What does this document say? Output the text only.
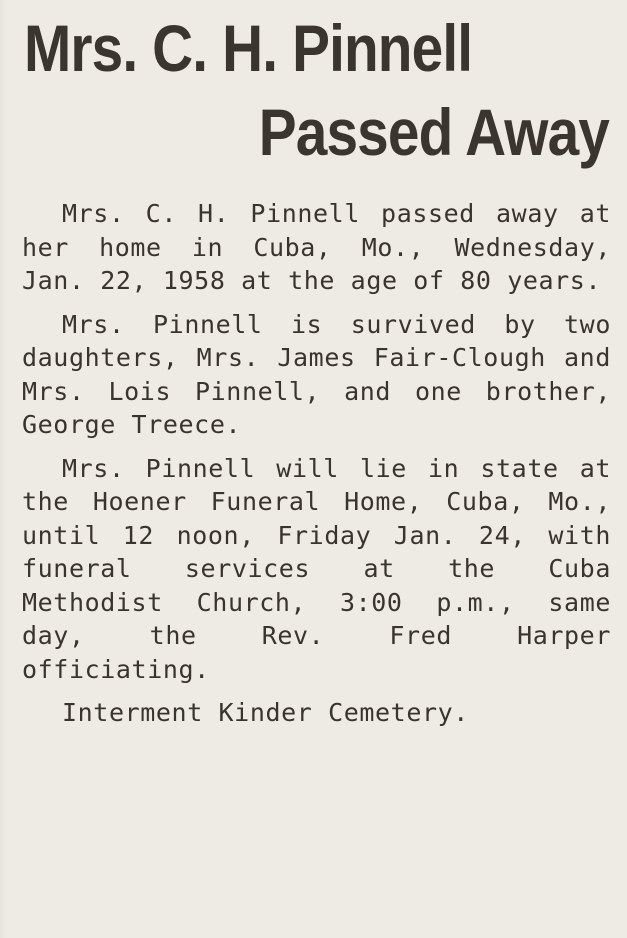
Mrs. C. H. Pinnell
Passed Away

Mrs. C. H. Pinnell passed away at her home in Cuba, Mo., Wednesday, Jan. 22, 1958 at the age of 80 years.

Mrs. Pinnell is survived by two daughters, Mrs. James Fair-Clough and Mrs. Lois Pinnell, and one brother, George Treece.

Mrs. Pinnell will lie in state at the Hoener Funeral Home, Cuba, Mo., until 12 noon, Friday Jan. 24, with funeral services at the Cuba Methodist Church, 3:00 p.m., same day, the Rev. Fred Harper officiating.

Interment Kinder Cemetery.
